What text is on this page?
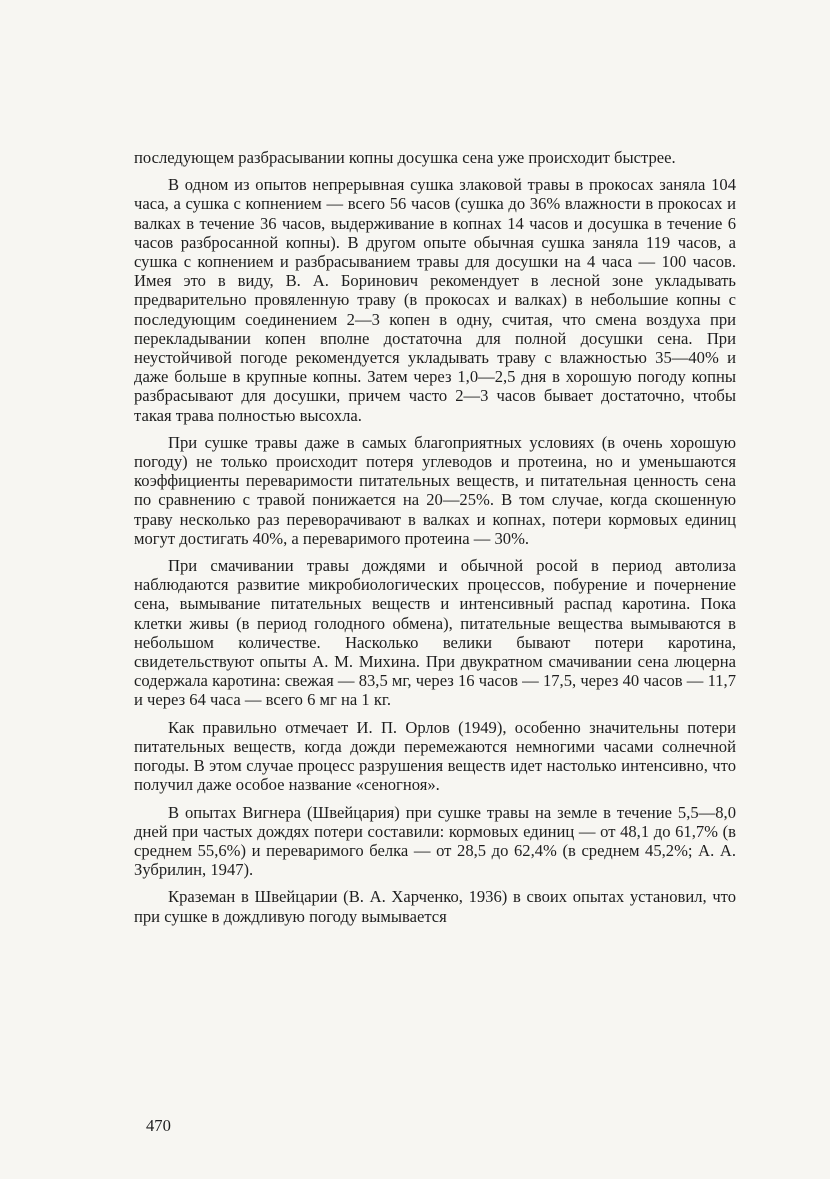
последующем разбрасывании копны досушка сена уже происходит быстрее.

В одном из опытов непрерывная сушка злаковой травы в прокосах заняла 104 часа, а сушка с копнением — всего 56 часов (сушка до 36% влажности в прокосах и валках в течение 36 часов, выдерживание в копнах 14 часов и досушка в течение 6 часов разбросанной копны). В другом опыте обычная сушка заняла 119 часов, а сушка с копнением и разбрасыванием травы для досушки на 4 часа — 100 часов. Имея это в виду, В. А. Боринович рекомендует в лесной зоне укладывать предварительно провяленную траву (в прокосах и валках) в небольшие копны с последующим соединением 2—3 копен в одну, считая, что смена воздуха при перекладывании копен вполне достаточна для полной досушки сена. При неустойчивой погоде рекомендуется укладывать траву с влажностью 35—40% и даже больше в крупные копны. Затем через 1,0—2,5 дня в хорошую погоду копны разбрасывают для досушки, причем часто 2—3 часов бывает достаточно, чтобы такая трава полностью высохла.

При сушке травы даже в самых благоприятных условиях (в очень хорошую погоду) не только происходит потеря углеводов и протеина, но и уменьшаются коэффициенты переваримости питательных веществ, и питательная ценность сена по сравнению с травой понижается на 20—25%. В том случае, когда скошенную траву несколько раз переворачивают в валках и копнах, потери кормовых единиц могут достигать 40%, а переваримого протеина — 30%.

При смачивании травы дождями и обычной росой в период автолиза наблюдаются развитие микробиологических процессов, побурение и почернение сена, вымывание питательных веществ и интенсивный распад каротина. Пока клетки живы (в период голодного обмена), питательные вещества вымываются в небольшом количестве. Насколько велики бывают потери каротина, свидетельствуют опыты А. М. Михина. При двукратном смачивании сена люцерна содержала каротина: свежая — 83,5 мг, через 16 часов — 17,5, через 40 часов — 11,7 и через 64 часа — всего 6 мг на 1 кг.

Как правильно отмечает И. П. Орлов (1949), особенно значительны потери питательных веществ, когда дожди перемежаются немногими часами солнечной погоды. В этом случае процесс разрушения веществ идет настолько интенсивно, что получил даже особое название «сеногноя».

В опытах Вигнера (Швейцария) при сушке травы на земле в течение 5,5—8,0 дней при частых дождях потери составили: кормовых единиц — от 48,1 до 61,7% (в среднем 55,6%) и переваримого белка — от 28,5 до 62,4% (в среднем 45,2%; А. А. Зубрилин, 1947).

Краземан в Швейцарии (В. А. Харченко, 1936) в своих опытах установил, что при сушке в дождливую погоду вымывается

470
